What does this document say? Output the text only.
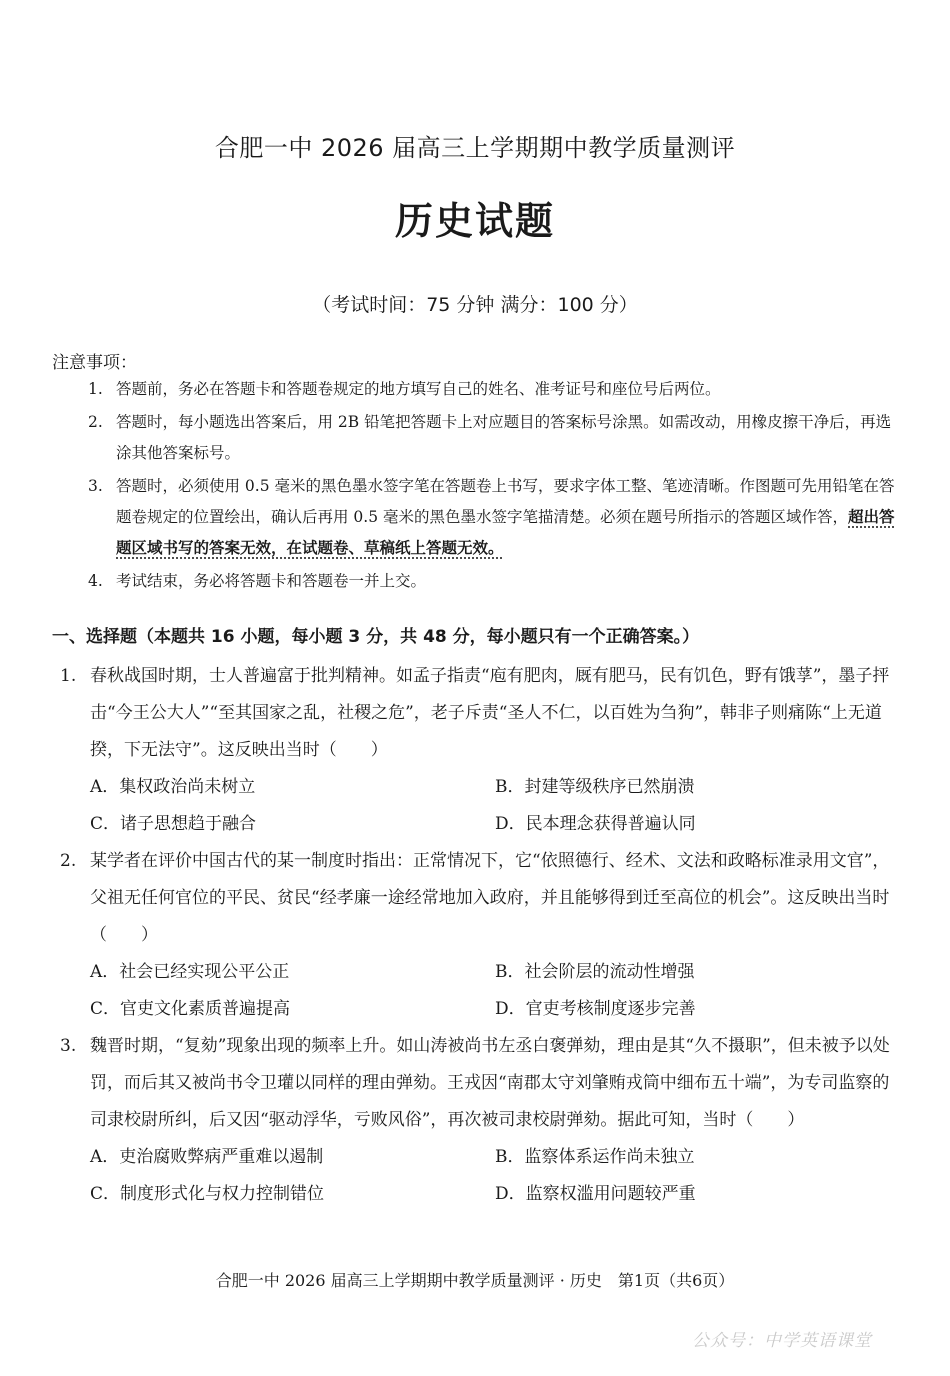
合肥一中 2026 届高三上学期期中教学质量测评
历史试题
（考试时间：75 分钟 满分：100 分）
注意事项：
1. 答题前，务必在答题卡和答题卷规定的地方填写自己的姓名、准考证号和座位号后两位。
2. 答题时，每小题选出答案后，用 2B 铅笔把答题卡上对应题目的答案标号涂黑。如需改动，用橡皮擦干净后，再选涂其他答案标号。
3. 答题时，必须使用 0.5 毫米的黑色墨水签字笔在答题卷上书写，要求字体工整、笔迹清晰。作图题可先用铅笔在答题卷规定的位置绘出，确认后再用 0.5 毫米的黑色墨水签字笔描清楚。必须在题号所指示的答题区域作答，超出答题区域书写的答案无效，在试题卷、草稿纸上答题无效。
4. 考试结束，务必将答题卡和答题卷一并上交。
一、选择题（本题共 16 小题，每小题 3 分，共 48 分，每小题只有一个正确答案。）
1. 春秋战国时期，士人普遍富于批判精神。如孟子指责“庖有肥肉，厩有肥马，民有饥色，野有饿莩”，墨子抨击“今王公大人”“至其国家之乱，社稷之危”，老子斥责“圣人不仁，以百姓为刍狗”，韩非子则痛陈“上无道揆，下无法守”。这反映出当时（　　）
A．集权政治尚未树立	B．封建等级秩序已然崩溃
C．诸子思想趋于融合	D．民本理念获得普遍认同
2. 某学者在评价中国古代的某一制度时指出：正常情况下，它“依照德行、经术、文法和政略标准录用文官”，父祖无任何官位的平民、贫民“经孝廉一途经常地加入政府，并且能够得到迁至高位的机会”。这反映出当时（　　）
A．社会已经实现公平公正	B．社会阶层的流动性增强
C．官吏文化素质普遍提高	D．官吏考核制度逐步完善
3. 魏晋时期，“复劾”现象出现的频率上升。如山涛被尚书左丞白褒弹劾，理由是其“久不摄职”，但未被予以处罚，而后其又被尚书令卫瓘以同样的理由弹劾。王戎因“南郡太守刘肇贿戎筒中细布五十端”，为专司监察的司隶校尉所纠，后又因“驱动浮华，亏败风俗”，再次被司隶校尉弹劾。据此可知，当时（　　）
A．吏治腐败弊病严重难以遏制	B．监察体系运作尚未独立
C．制度形式化与权力控制错位	D．监察权滥用问题较严重
合肥一中 2026 届高三上学期期中教学质量测评 · 历史　第1页（共6页）
公众号：中学英语课堂
